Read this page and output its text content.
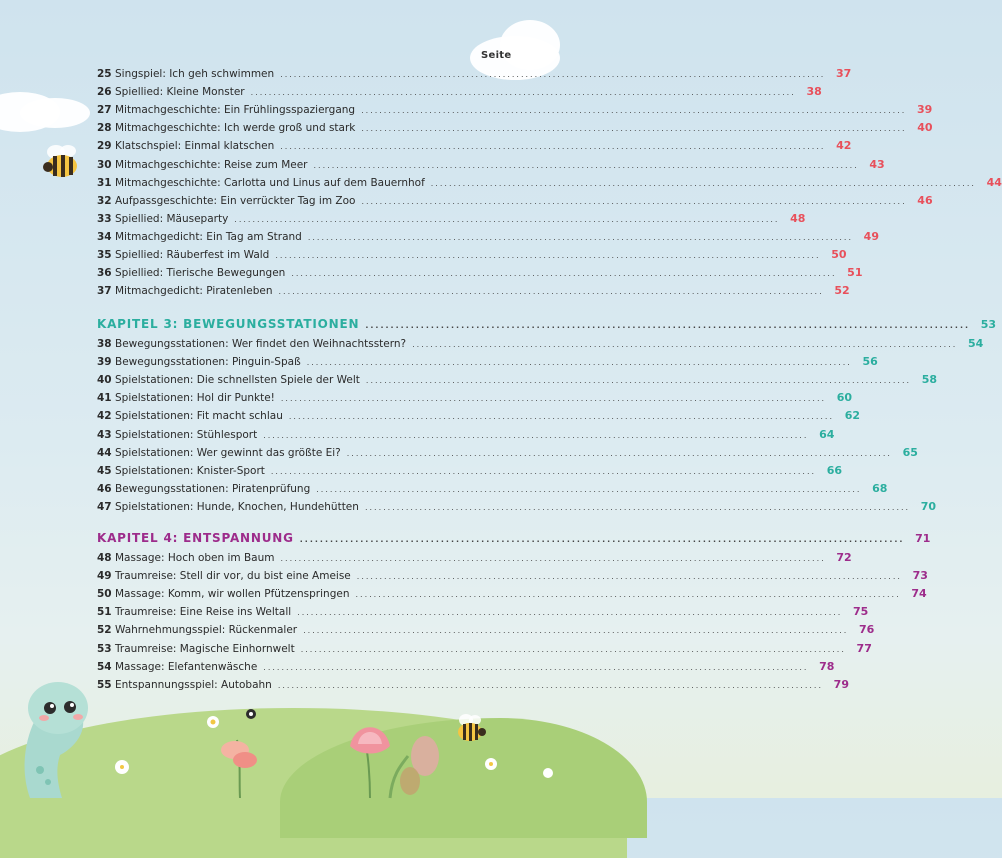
Seite
25 Singspiel: Ich geh schwimmen ........................................................................................................................ 37
26 Spiellied: Kleine Monster ........................................................................................................................ 38
27 Mitmachgeschichte: Ein Frühlingsspaziergang ........................................................................................................................ 39
28 Mitmachgeschichte: Ich werde groß und stark ........................................................................................................................ 40
29 Klatschspiel: Einmal klatschen ........................................................................................................................ 42
30 Mitmachgeschichte: Reise zum Meer ........................................................................................................................ 43
31 Mitmachgeschichte: Carlotta und Linus auf dem Bauernhof ........................................................................................................................ 44
32 Aufpassgeschichte: Ein verrückter Tag im Zoo ........................................................................................................................ 46
33 Spiellied: Mäuseparty ........................................................................................................................ 48
34 Mitmachgedicht: Ein Tag am Strand ........................................................................................................................ 49
35 Spiellied: Räuberfest im Wald ........................................................................................................................ 50
36 Spiellied: Tierische Bewegungen ........................................................................................................................ 51
37 Mitmachgedicht: Piratenleben ........................................................................................................................ 52
KAPITEL 3: BEWEGUNGSSTATIONEN ........................................................................................................................ 53
38 Bewegungsstationen: Wer findet den Weihnachtsstern? ........................................................................................................................ 54
39 Bewegungsstationen: Pinguin-Spaß ........................................................................................................................ 56
40 Spielstationen: Die schnellsten Spiele der Welt ........................................................................................................................ 58
41 Spielstationen: Hol dir Punkte! ........................................................................................................................ 60
42 Spielstationen: Fit macht schlau ........................................................................................................................ 62
43 Spielstationen: Stühlesport ........................................................................................................................ 64
44 Spielstationen: Wer gewinnt das größte Ei? ........................................................................................................................ 65
45 Spielstationen: Knister-Sport ........................................................................................................................ 66
46 Bewegungsstationen: Piratenprüfung ........................................................................................................................ 68
47 Spielstationen: Hunde, Knochen, Hundehütten ........................................................................................................................ 70
KAPITEL 4: ENTSPANNUNG ........................................................................................................................ 71
48 Massage: Hoch oben im Baum ........................................................................................................................ 72
49 Traumreise: Stell dir vor, du bist eine Ameise ........................................................................................................................ 73
50 Massage: Komm, wir wollen Pfützenspringen ........................................................................................................................ 74
51 Traumreise: Eine Reise ins Weltall ........................................................................................................................ 75
52 Wahrnehmungsspiel: Rückenmaler ........................................................................................................................ 76
53 Traumreise: Magische Einhornwelt ........................................................................................................................ 77
54 Massage: Elefantenwäsche ........................................................................................................................ 78
55 Entspannungsspiel: Autobahn ........................................................................................................................ 79
